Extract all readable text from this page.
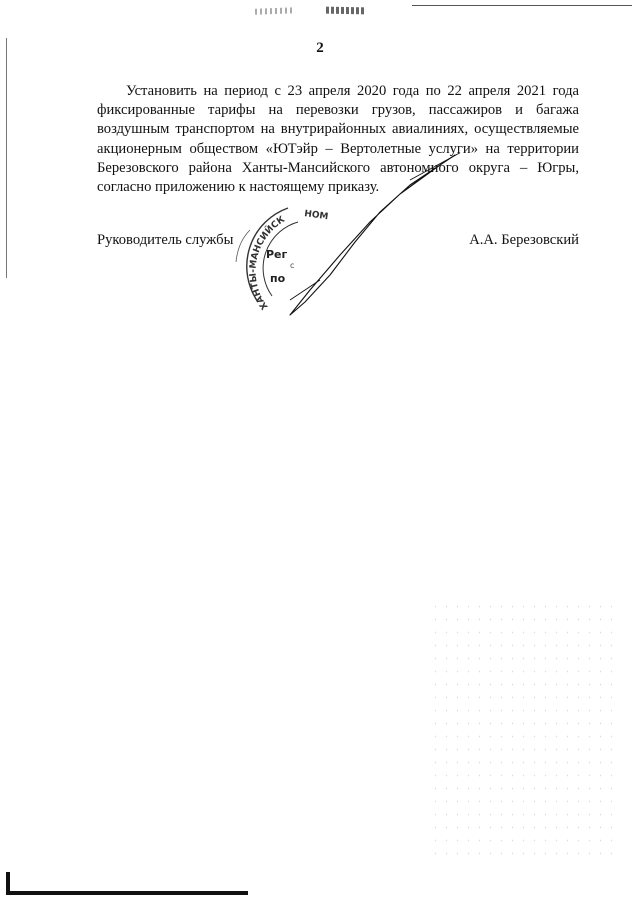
2

Установить на период с 23 апреля 2020 года по 22 апреля 2021 года фиксированные тарифы на перевозки грузов, пассажиров и багажа воздушным транспортом на внутрирайонных авиалиниях, осуществляемые акционерным обществом «ЮТэйр – Вертолетные услуги» на территории Березовского района Ханты-Мансийского автономного округа – Югры, согласно приложению к настоящему приказу.

Руководитель службы	А.А. Березовский
ХАНТЫ-МАНСИЙСК НОМ
Рег
с
по
